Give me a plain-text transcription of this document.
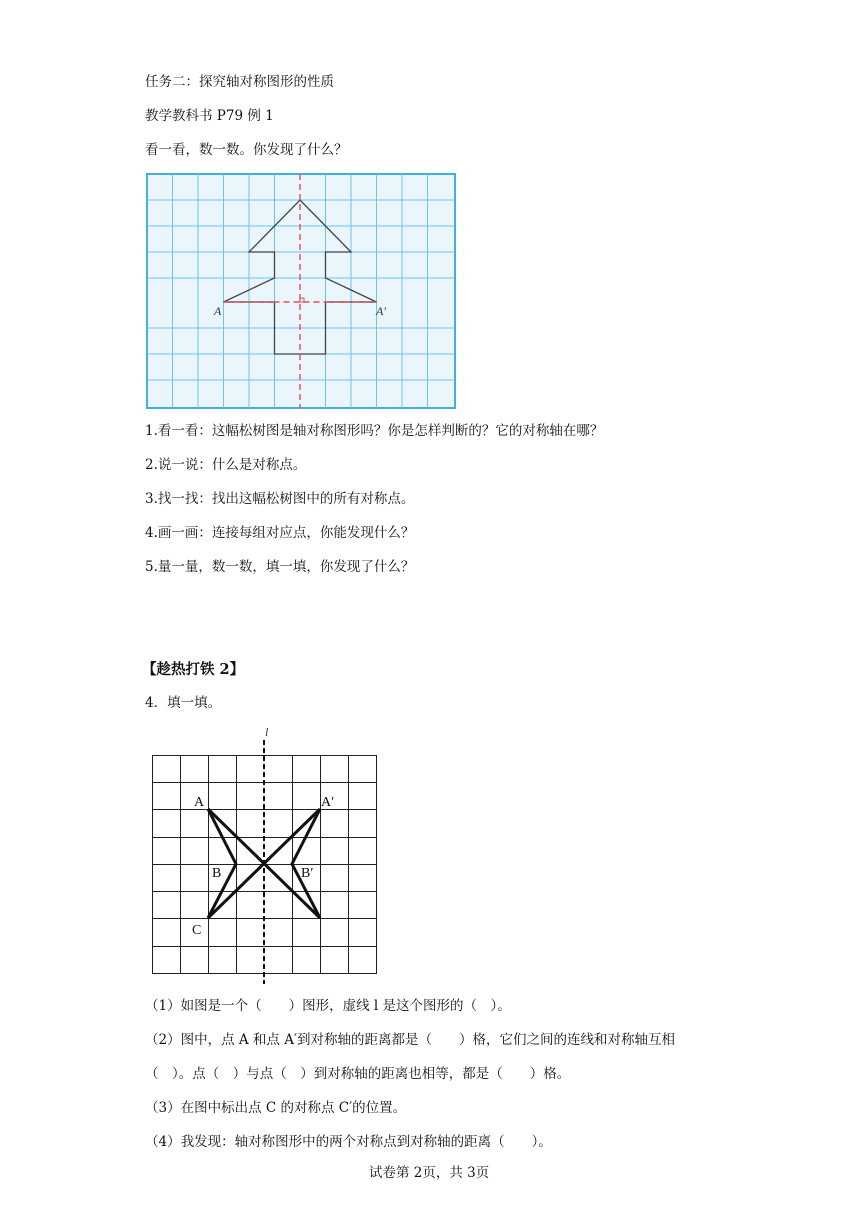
任务二：探究轴对称图形的性质
教学教科书 P79 例 1
看一看，数一数。你发现了什么？
A	A′
1.看一看：这幅松树图是轴对称图形吗？你是怎样判断的？它的对称轴在哪？
2.说一说：什么是对称点。
3.找一找：找出这幅松树图中的所有对称点。
4.画一画：连接每组对应点，你能发现什么？
5.量一量，数一数，填一填，你发现了什么？
【趁热打铁 2】
4．填一填。
l
A	A′
B	B′
C
（1）如图是一个（　　）图形，虚线 l 是这个图形的（　）。
（2）图中，点 A 和点 A′到对称轴的距离都是（　　）格，它们之间的连线和对称轴互相
（　）。点（　）与点（　）到对称轴的距离也相等，都是（　　）格。
（3）在图中标出点 C 的对称点 C′的位置。
（4）我发现：轴对称图形中的两个对称点到对称轴的距离（　　）。
试卷第 2页，共 3页
